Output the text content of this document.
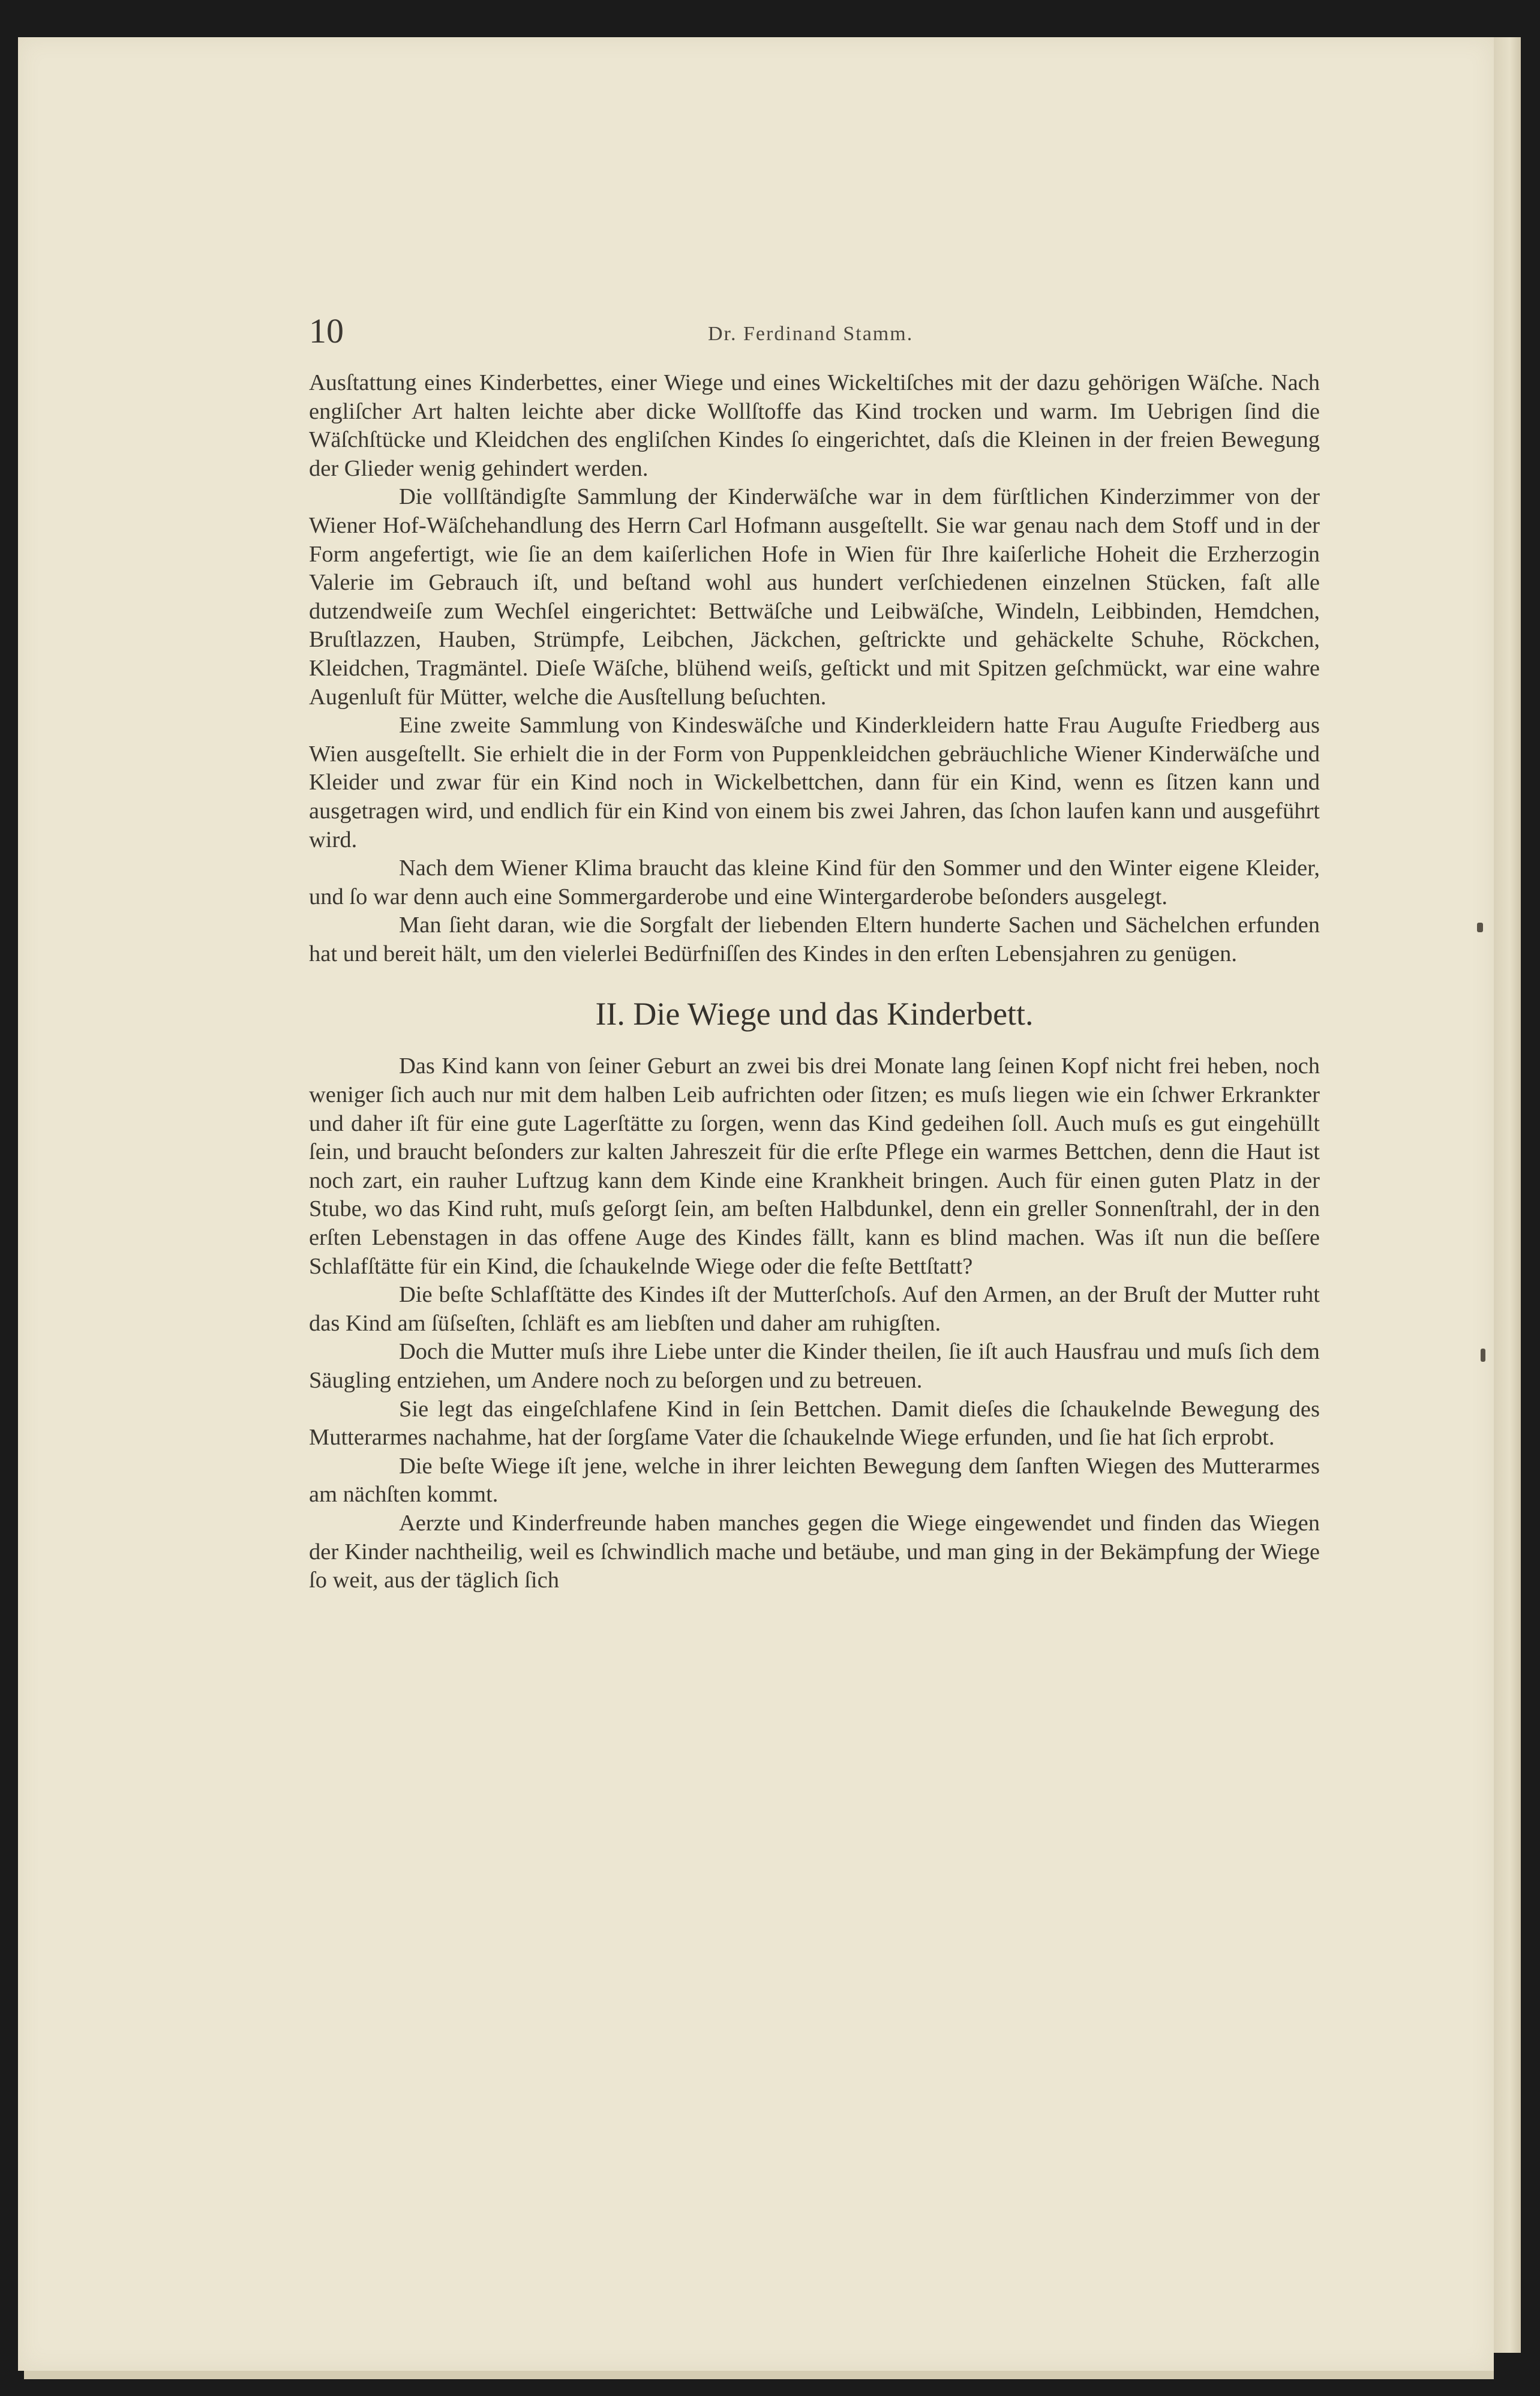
10	Dr. Ferdinand Stamm.

Ausſtattung eines Kinderbettes, einer Wiege und eines Wickeltiſches mit der dazu gehörigen Wäſche. Nach engliſcher Art halten leichte aber dicke Wollſtoffe das Kind trocken und warm. Im Uebrigen ſind die Wäſchſtücke und Kleidchen des engliſchen Kindes ſo eingerichtet, daſs die Kleinen in der freien Bewegung der Glieder wenig gehindert werden.

Die vollſtändigſte Sammlung der Kinderwäſche war in dem fürſtlichen Kinderzimmer von der Wiener Hof-Wäſchehandlung des Herrn Carl Hofmann ausgeſtellt. Sie war genau nach dem Stoff und in der Form angefertigt, wie ſie an dem kaiſerlichen Hofe in Wien für Ihre kaiſerliche Hoheit die Erzherzogin Valerie im Gebrauch iſt, und beſtand wohl aus hundert verſchiedenen einzelnen Stücken, faſt alle dutzendweiſe zum Wechſel eingerichtet: Bettwäſche und Leibwäſche, Windeln, Leibbinden, Hemdchen, Bruſtlazzen, Hauben, Strümpfe, Leibchen, Jäckchen, geſtrickte und gehäckelte Schuhe, Röckchen, Kleidchen, Tragmäntel. Dieſe Wäſche, blühend weiſs, geſtickt und mit Spitzen geſchmückt, war eine wahre Augenluſt für Mütter, welche die Ausſtellung beſuchten.

Eine zweite Sammlung von Kindeswäſche und Kinderkleidern hatte Frau Auguſte Friedberg aus Wien ausgeſtellt. Sie erhielt die in der Form von Puppenkleidchen gebräuchliche Wiener Kinderwäſche und Kleider und zwar für ein Kind noch in Wickelbettchen, dann für ein Kind, wenn es ſitzen kann und ausgetragen wird, und endlich für ein Kind von einem bis zwei Jahren, das ſchon laufen kann und ausgeführt wird.

Nach dem Wiener Klima braucht das kleine Kind für den Sommer und den Winter eigene Kleider, und ſo war denn auch eine Sommergarderobe und eine Wintergarderobe beſonders ausgelegt.

Man ſieht daran, wie die Sorgfalt der liebenden Eltern hunderte Sachen und Sächelchen erfunden hat und bereit hält, um den vielerlei Bedürfniſſen des Kindes in den erſten Lebensjahren zu genügen.

II. Die Wiege und das Kinderbett.

Das Kind kann von ſeiner Geburt an zwei bis drei Monate lang ſeinen Kopf nicht frei heben, noch weniger ſich auch nur mit dem halben Leib aufrichten oder ſitzen; es muſs liegen wie ein ſchwer Erkrankter und daher iſt für eine gute Lagerſtätte zu ſorgen, wenn das Kind gedeihen ſoll. Auch muſs es gut eingehüllt ſein, und braucht beſonders zur kalten Jahreszeit für die erſte Pflege ein warmes Bettchen, denn die Haut ist noch zart, ein rauher Luftzug kann dem Kinde eine Krankheit bringen. Auch für einen guten Platz in der Stube, wo das Kind ruht, muſs geſorgt ſein, am beſten Halbdunkel, denn ein greller Sonnenſtrahl, der in den erſten Lebenstagen in das offene Auge des Kindes fällt, kann es blind machen. Was iſt nun die beſſere Schlafſtätte für ein Kind, die ſchaukelnde Wiege oder die feſte Bettſtatt?

Die beſte Schlafſtätte des Kindes iſt der Mutterſchoſs. Auf den Armen, an der Bruſt der Mutter ruht das Kind am ſüſseſten, ſchläft es am liebſten und daher am ruhigſten.

Doch die Mutter muſs ihre Liebe unter die Kinder theilen, ſie iſt auch Hausfrau und muſs ſich dem Säugling entziehen, um Andere noch zu beſorgen und zu betreuen.

Sie legt das eingeſchlafene Kind in ſein Bettchen. Damit dieſes die ſchaukelnde Bewegung des Mutterarmes nachahme, hat der ſorgſame Vater die ſchaukelnde Wiege erfunden, und ſie hat ſich erprobt.

Die beſte Wiege iſt jene, welche in ihrer leichten Bewegung dem ſanften Wiegen des Mutterarmes am nächſten kommt.

Aerzte und Kinderfreunde haben manches gegen die Wiege eingewendet und finden das Wiegen der Kinder nachtheilig, weil es ſchwindlich mache und betäube, und man ging in der Bekämpfung der Wiege ſo weit, aus der täglich ſich
